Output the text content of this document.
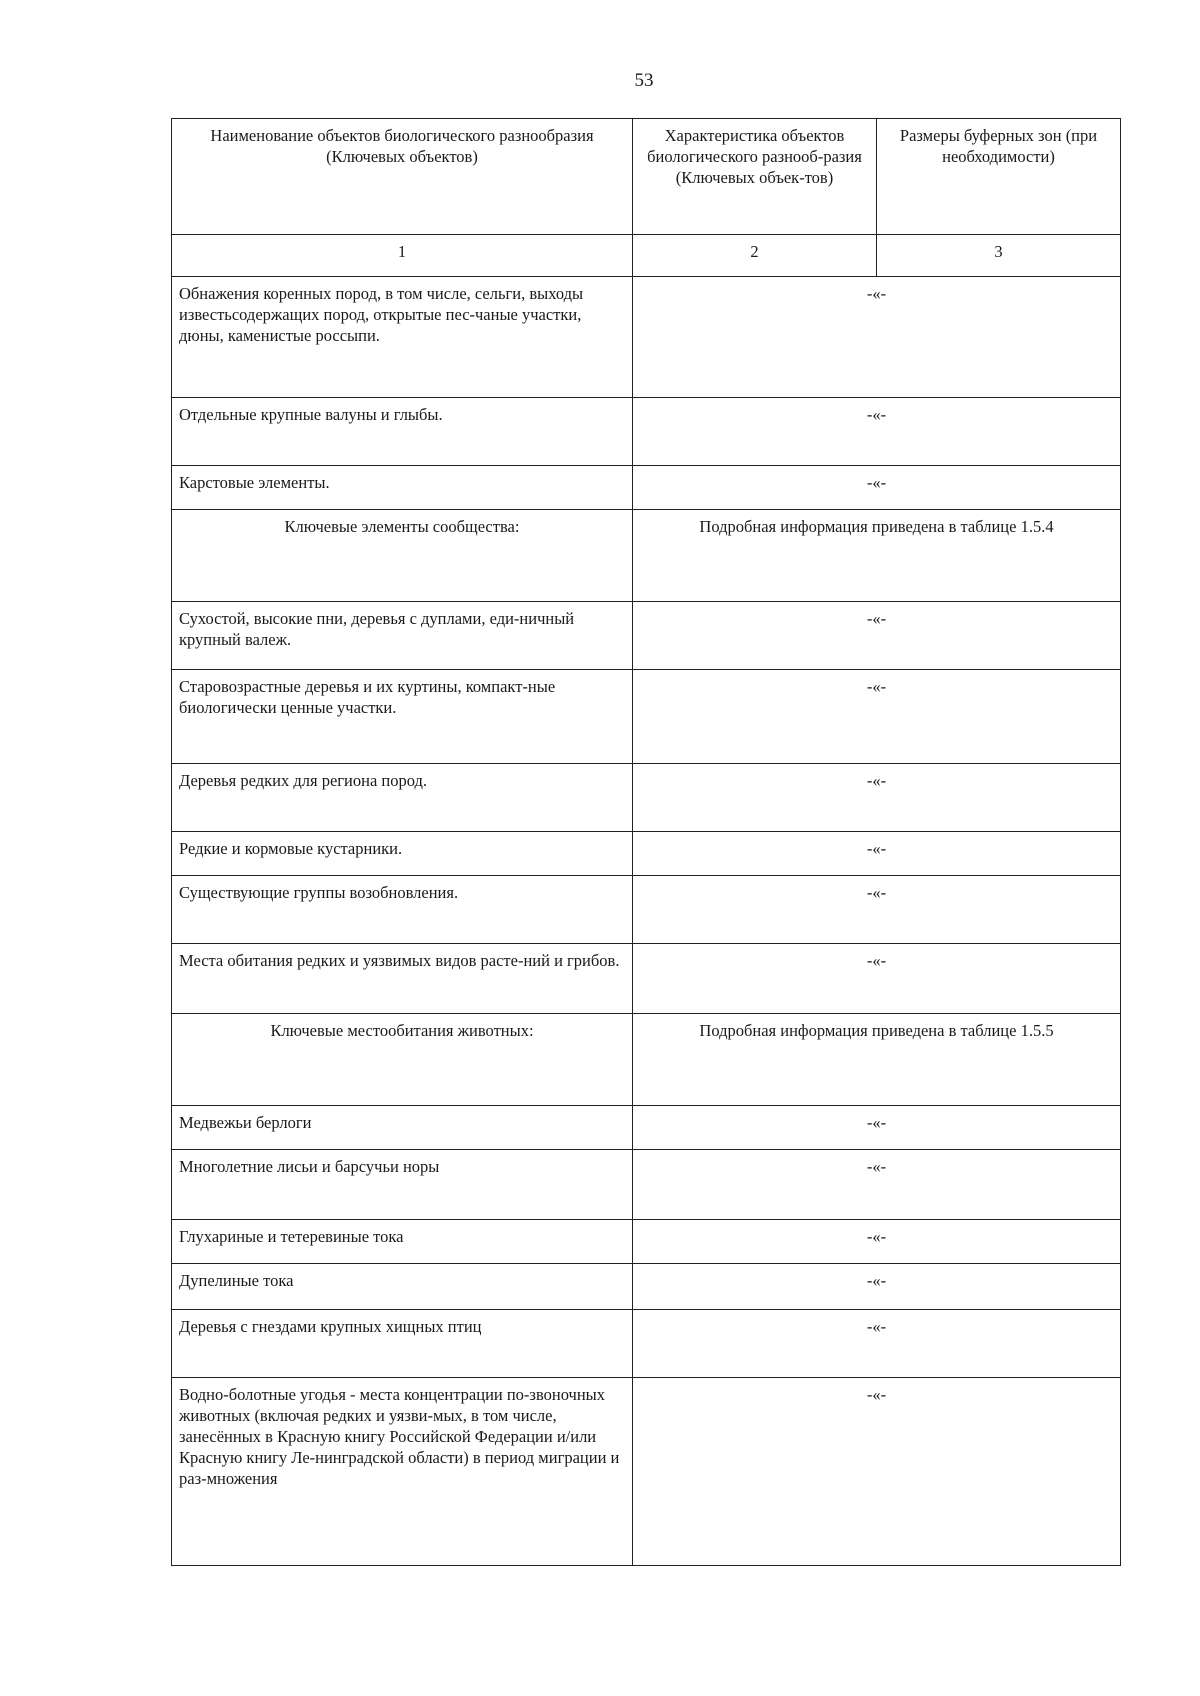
53
Наименование объектов биологического разнообразия (Ключевых объектов)	Характеристика объектов биологического разнооб-разия (Ключевых объек-тов)	Размеры буферных зон (при необходимости)
1	2	3
Обнажения коренных пород, в том числе, сельги, выходы известьсодержащих пород, открытые пес-чаные участки, дюны, каменистые россыпи.	-«-	
Отдельные крупные валуны и глыбы.	-«-	
Карстовые элементы.	-«-	
Ключевые элементы сообщества:	Подробная информация приведена в таблице 1.5.4	
Сухостой, высокие пни, деревья с дуплами, еди-ничный крупный валеж.	-«-	
Старовозрастные деревья и их куртины, компакт-ные биологически ценные участки.	-«-	
Деревья редких для региона пород.	-«-	
Редкие и кормовые кустарники.	-«-	
Существующие группы возобновления.	-«-	
Места обитания редких и уязвимых видов расте-ний и грибов.	-«-	
Ключевые местообитания животных:	Подробная информация приведена в таблице 1.5.5	
Медвежьи берлоги	-«-	
Многолетние лисьи и барсучьи норы	-«-	
Глухариные и тетеревиные тока	-«-	
Дупелиные тока	-«-	
Деревья с гнездами крупных хищных птиц	-«-	
Водно-болотные угодья - места концентрации по-звоночных животных (включая редких и уязви-мых, в том числе, занесённых в Красную книгу Российской Федерации и/или Красную книгу Ле-нинградской области) в период миграции и раз-множения	-«-	
